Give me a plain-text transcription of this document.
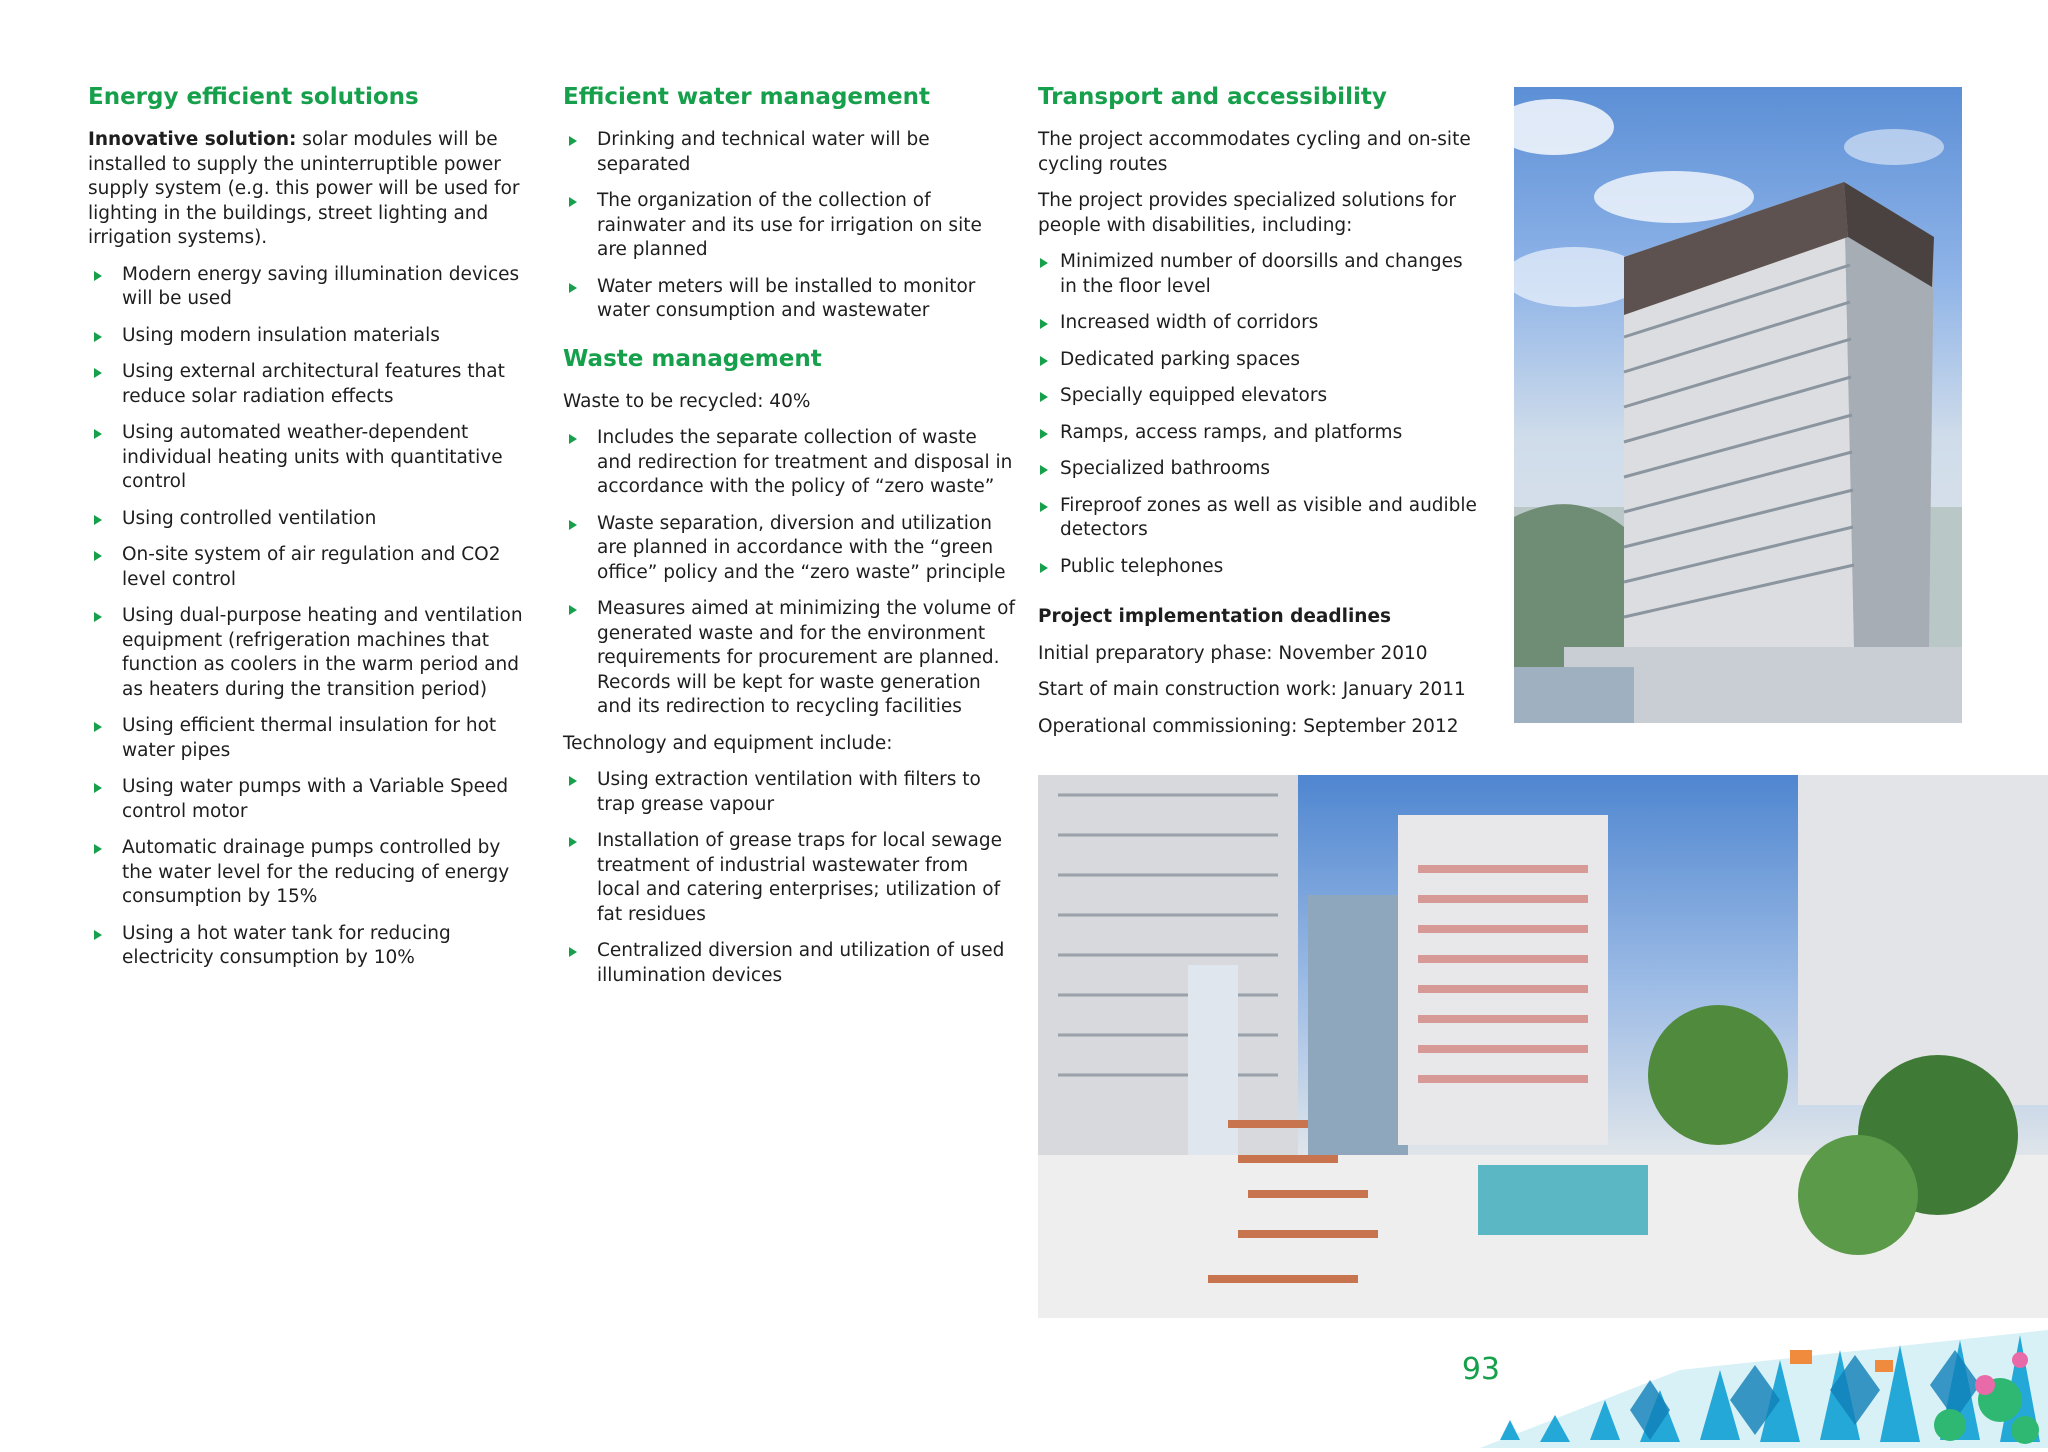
Energy efficient solutions

Innovative solution: solar modules will be installed to supply the uninterruptible power supply system (e.g. this power will be used for lighting in the buildings, street lighting and irrigation systems).

Modern energy saving illumination devices will be used
Using modern insulation materials
Using external architectural features that reduce solar radiation effects
Using automated weather-dependent individual heating units with quantitative control
Using controlled ventilation
On-site system of air regulation and CO2 level control
Using dual-purpose heating and ventilation equipment (refrigeration machines that function as coolers in the warm period and as heaters during the transition period)
Using efficient thermal insulation for hot water pipes
Using water pumps with a Variable Speed control motor
Automatic drainage pumps controlled by the water level for the reducing of energy consumption by 15%
Using a hot water tank for reducing electricity consumption by 10%
Efficient water management
Drinking and technical water will be separated
The organization of the collection of rainwater and its use for irrigation on site are planned
Water meters will be installed to monitor water consumption and wastewater
Waste management

Waste to be recycled: 40%

Includes the separate collection of waste and redirection for treatment and disposal in accordance with the policy of “zero waste”
Waste separation, diversion and utilization are planned in accordance with the “green office” policy and the “zero waste” principle
Measures aimed at minimizing the volume of generated waste and for the environment requirements for procurement are planned. Records will be kept for waste generation and its redirection to recycling facilities

Technology and equipment include:

Using extraction ventilation with filters to trap grease vapour
Installation of grease traps for local sewage treatment of industrial wastewater from local and catering enterprises; utilization of fat residues
Centralized diversion and utilization of used illumination devices
Transport and accessibility

The project accommodates cycling and on-site cycling routes

The project provides specialized solutions for people with disabilities, including:

Minimized number of doorsills and changes in the floor level
Increased width of corridors
Dedicated parking spaces
Specially equipped elevators
Ramps, access ramps, and platforms
Specialized bathrooms
Fireproof zones as well as visible and audible detectors
Public telephones

Project implementation deadlines

Initial preparatory phase: November 2010

Start of main construction work: January 2011

Operational commissioning: September 2012

93
